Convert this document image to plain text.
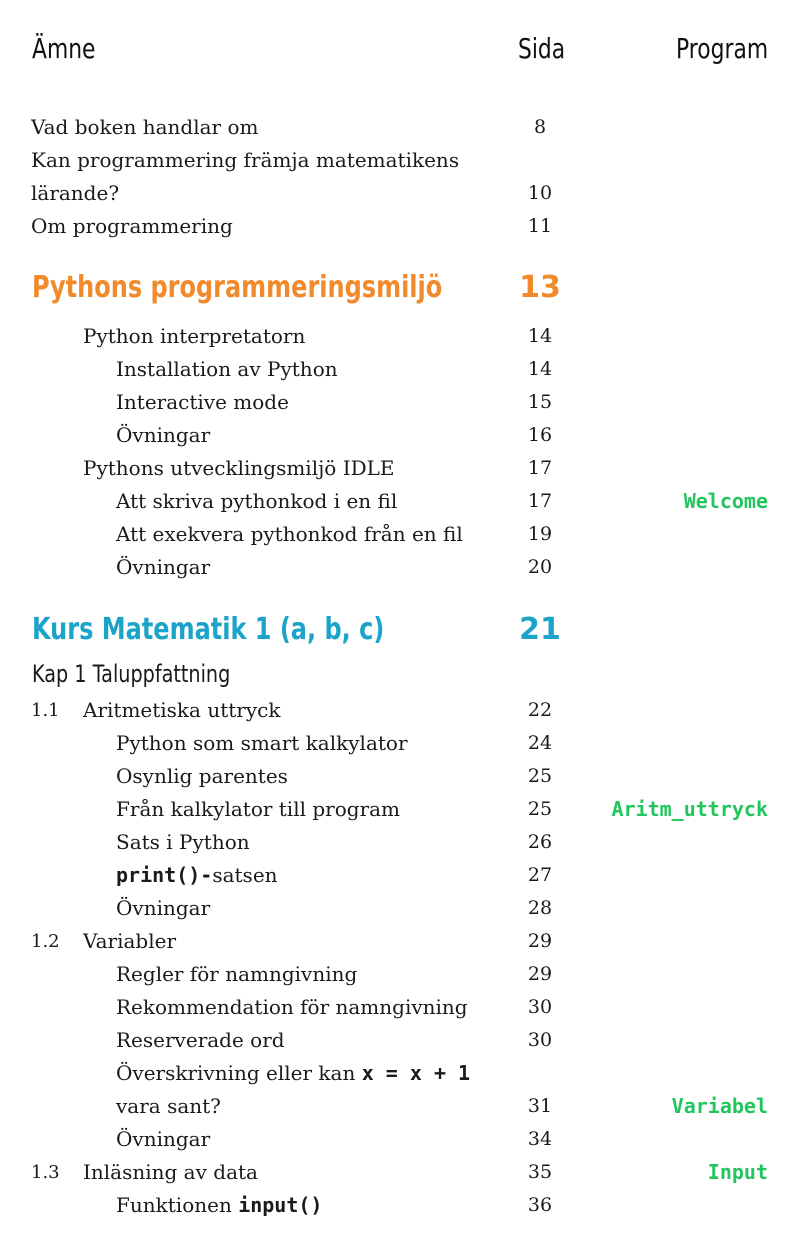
Ämne	Sida	Program
Vad boken handlar om	8
Kan programmering främja matematikens
lärande?	10
Om programmering	11
Pythons programmeringsmiljö	13
Python interpretatorn	14
Installation av Python	14
Interactive mode	15
Övningar	16
Pythons utvecklingsmiljö IDLE	17
Att skriva pythonkod i en fil	17	Welcome
Att exekvera pythonkod från en fil	19
Övningar	20
Kurs Matematik 1 (a, b, c)	21
Kap 1 Taluppfattning
1.1 Aritmetiska uttryck	22
Python som smart kalkylator	24
Osynlig parentes	25
Från kalkylator till program	25	Aritm_uttryck
Sats i Python	26
print()-satsen	27
Övningar	28
1.2 Variabler	29
Regler för namngivning	29
Rekommendation för namngivning	30
Reserverade ord	30
Överskrivning eller kan x = x + 1
vara sant?	31	Variabel
Övningar	34
1.3 Inläsning av data	35	Input
Funktionen input()	36
